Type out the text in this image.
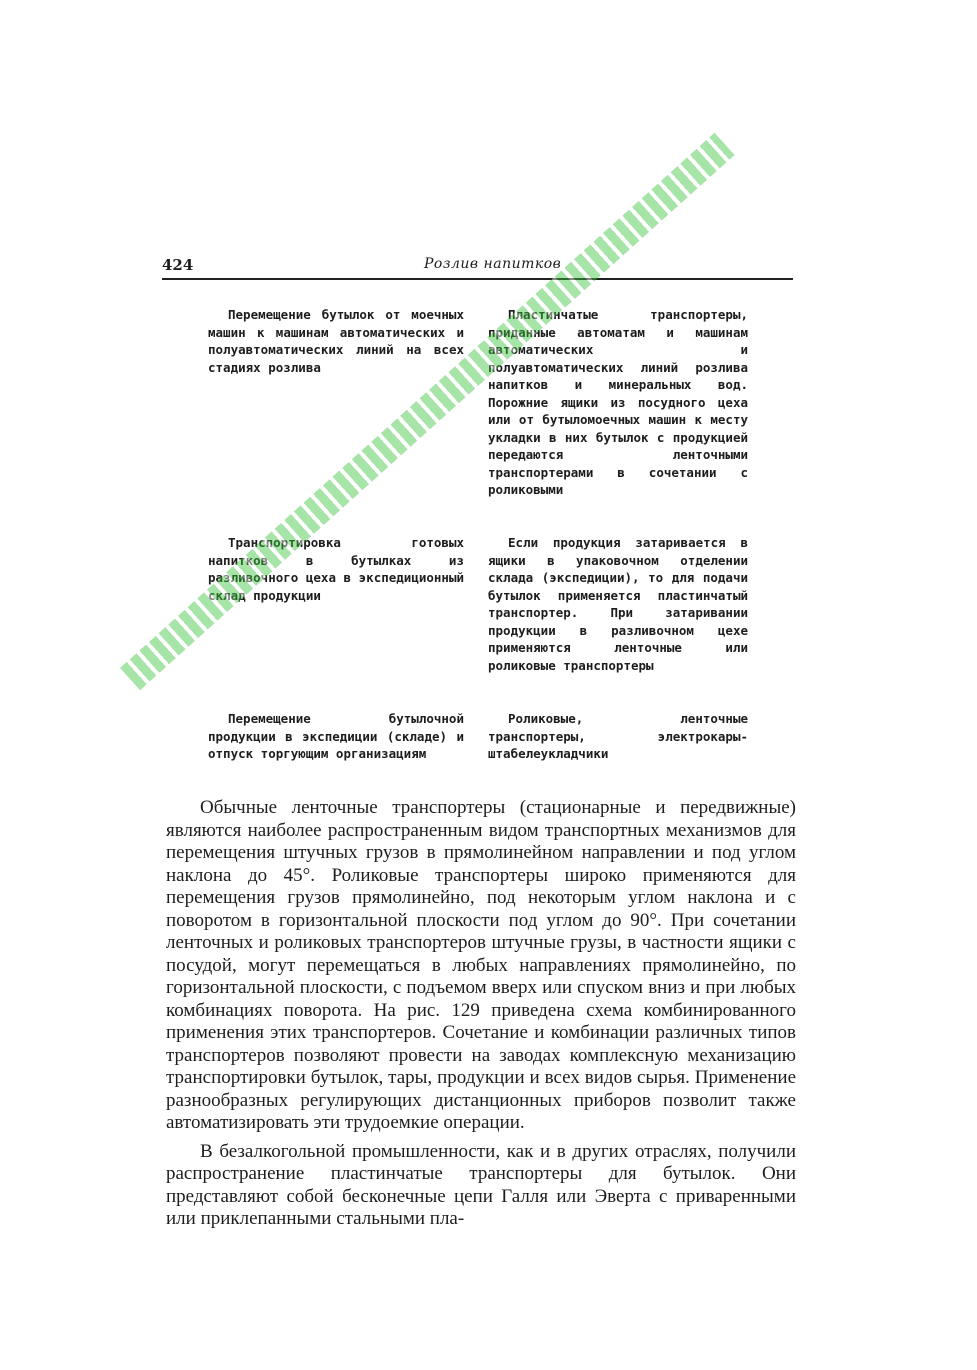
424	Розлив напитков
Перемещение бутылок от моечных машин к машинам автоматических и полуавтоматических линий на всех стадиях розлива
Пластинчатые транспортеры, приданные автоматам и машинам автоматических и полуавтоматических линий розлива напитков и минеральных вод. Порожние ящики из посудного цеха или от бутыломоечных машин к месту укладки в них бутылок с продукцией передаются ленточными транспортерами в сочетании с роликовыми
Транспортировка готовых напитков в бутылках из разливочного цеха в экспедиционный склад продукции
Если продукция затаривается в ящики в упаковочном отделении склада (экспедиции), то для подачи бутылок применяется пластинчатый транспортер. При затаривании продукции в разливочном цехе применяются ленточные или роликовые транспортеры
Перемещение бутылочной продукции в экспедиции (складе) и отпуск торгующим организациям
Роликовые, ленточные транспортеры, электрокары-штабелеукладчики

Обычные ленточные транспортеры (стационарные и передвижные) являются наиболее распространенным видом транспортных механизмов для перемещения штучных грузов в прямолинейном направлении и под углом наклона до 45°. Роликовые транспортеры широко применяются для перемещения грузов прямолинейно, под некоторым углом наклона и с поворотом в горизонтальной плоскости под углом до 90°. При сочетании ленточных и роликовых транспортеров штучные грузы, в частности ящики с посудой, могут перемещаться в любых направлениях прямолинейно, по горизонтальной плоскости, с подъемом вверх или спуском вниз и при любых комбинациях поворота. На рис. 129 приведена схема комбинированного применения этих транспортеров. Сочетание и комбинации различных типов транспортеров позволяют провести на заводах комплексную механизацию транспортировки бутылок, тары, продукции и всех видов сырья. Применение разнообразных регулирующих дистанционных приборов позволит также автоматизировать эти трудоемкие операции.

В безалкогольной промышленности, как и в других отраслях, получили распространение пластинчатые транспортеры для бутылок. Они представляют собой бесконечные цепи Галля или Эверта с приваренными или приклепанными стальными пла-
